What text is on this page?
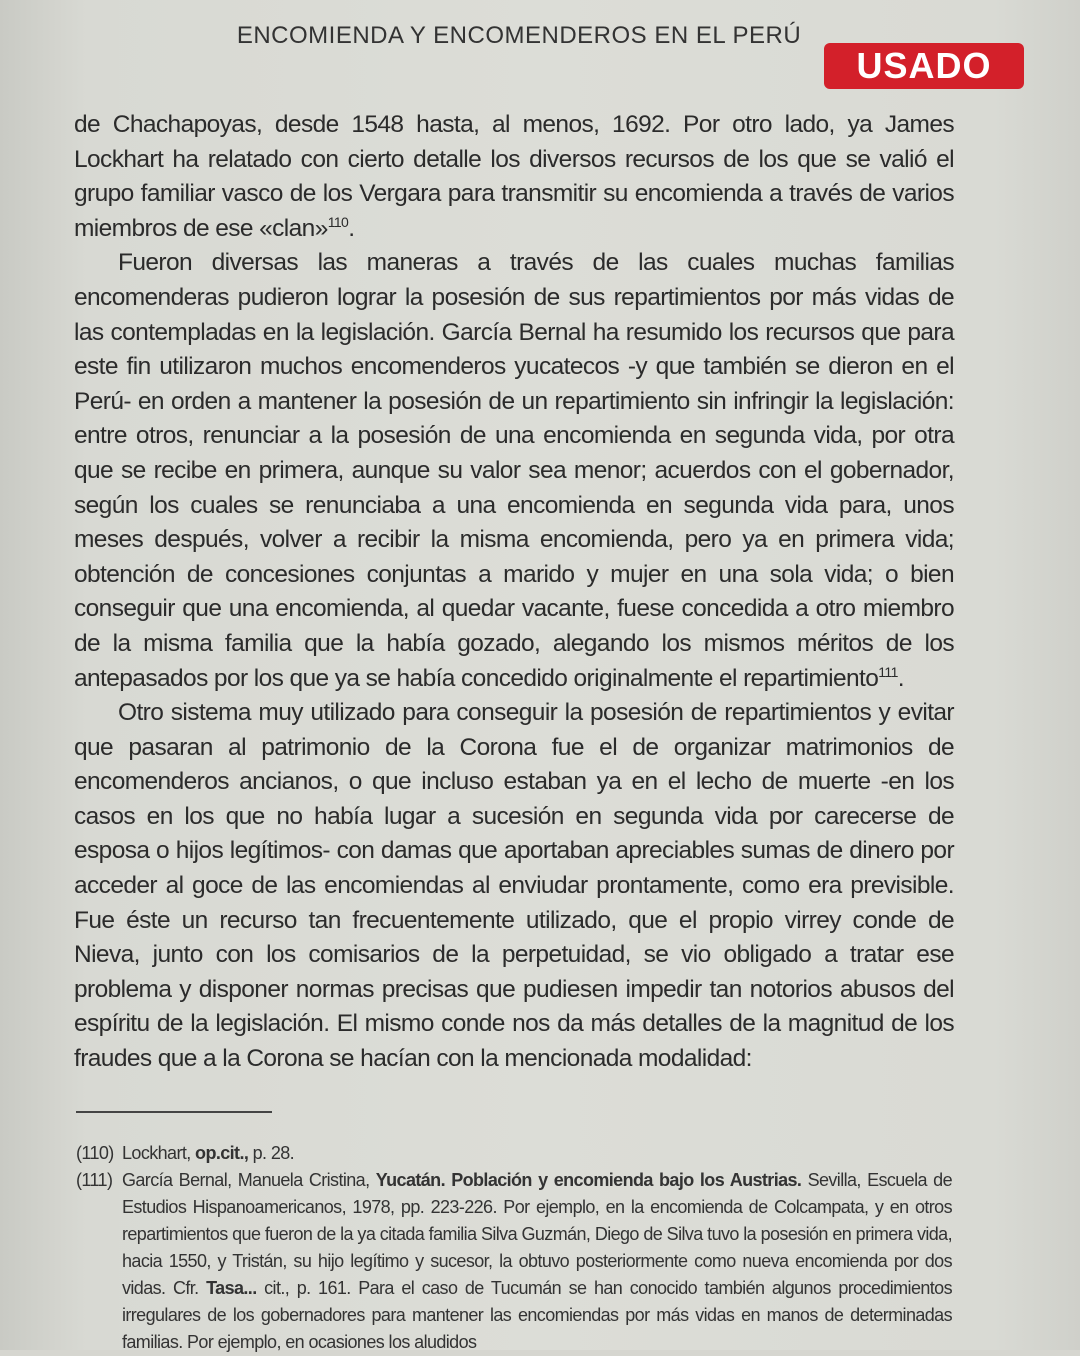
ENCOMIENDA Y ENCOMENDEROS EN EL PERÚ
USADO

de Chachapoyas, desde 1548 hasta, al menos, 1692. Por otro lado, ya James Lockhart ha relatado con cierto detalle los diversos recursos de los que se valió el grupo familiar vasco de los Vergara para transmitir su encomienda a través de varios miembros de ese «clan»$^{110}$.

Fueron diversas las maneras a través de las cuales muchas familias encomenderas pudieron lograr la posesión de sus repartimientos por más vidas de las contempladas en la legislación. García Bernal ha resumido los recursos que para este fin utilizaron muchos encomenderos yucatecos -y que también se dieron en el Perú- en orden a mantener la posesión de un repartimiento sin infringir la legislación: entre otros, renunciar a la posesión de una encomienda en segunda vida, por otra que se recibe en primera, aunque su valor sea menor; acuerdos con el gobernador, según los cuales se renunciaba a una encomienda en segunda vida para, unos meses después, volver a recibir la misma encomienda, pero ya en primera vida; obtención de concesiones conjuntas a marido y mujer en una sola vida; o bien conseguir que una encomienda, al quedar vacante, fuese concedida a otro miembro de la misma familia que la había gozado, alegando los mismos méritos de los antepasados por los que ya se había concedido originalmente el repartimiento$^{111}$.

Otro sistema muy utilizado para conseguir la posesión de repartimientos y evitar que pasaran al patrimonio de la Corona fue el de organizar matrimonios de encomenderos ancianos, o que incluso estaban ya en el lecho de muerte -en los casos en los que no había lugar a sucesión en segunda vida por carecerse de esposa o hijos legítimos- con damas que aportaban apreciables sumas de dinero por acceder al goce de las encomiendas al enviudar prontamente, como era previsible. Fue éste un recurso tan frecuentemente utilizado, que el propio virrey conde de Nieva, junto con los comisarios de la perpetuidad, se vio obligado a tratar ese problema y disponer normas precisas que pudiesen impedir tan notorios abusos del espíritu de la legislación. El mismo conde nos da más detalles de la magnitud de los fraudes que a la Corona se hacían con la mencionada modalidad:

(110) Lockhart, op.cit., p. 28.

(111) García Bernal, Manuela Cristina, Yucatán. Población y encomienda bajo los Austrias. Sevilla, Escuela de Estudios Hispanoamericanos, 1978, pp. 223-226. Por ejemplo, en la encomienda de Colcampata, y en otros repartimientos que fueron de la ya citada familia Silva Guzmán, Diego de Silva tuvo la posesión en primera vida, hacia 1550, y Tristán, su hijo legítimo y sucesor, la obtuvo posteriormente como nueva encomienda por dos vidas. Cfr. Tasa... cit., p. 161. Para el caso de Tucumán se han conocido también algunos procedimientos irregulares de los gobernadores para mantener las encomiendas por más vidas en manos de determinadas familias. Por ejemplo, en ocasiones los aludidos
